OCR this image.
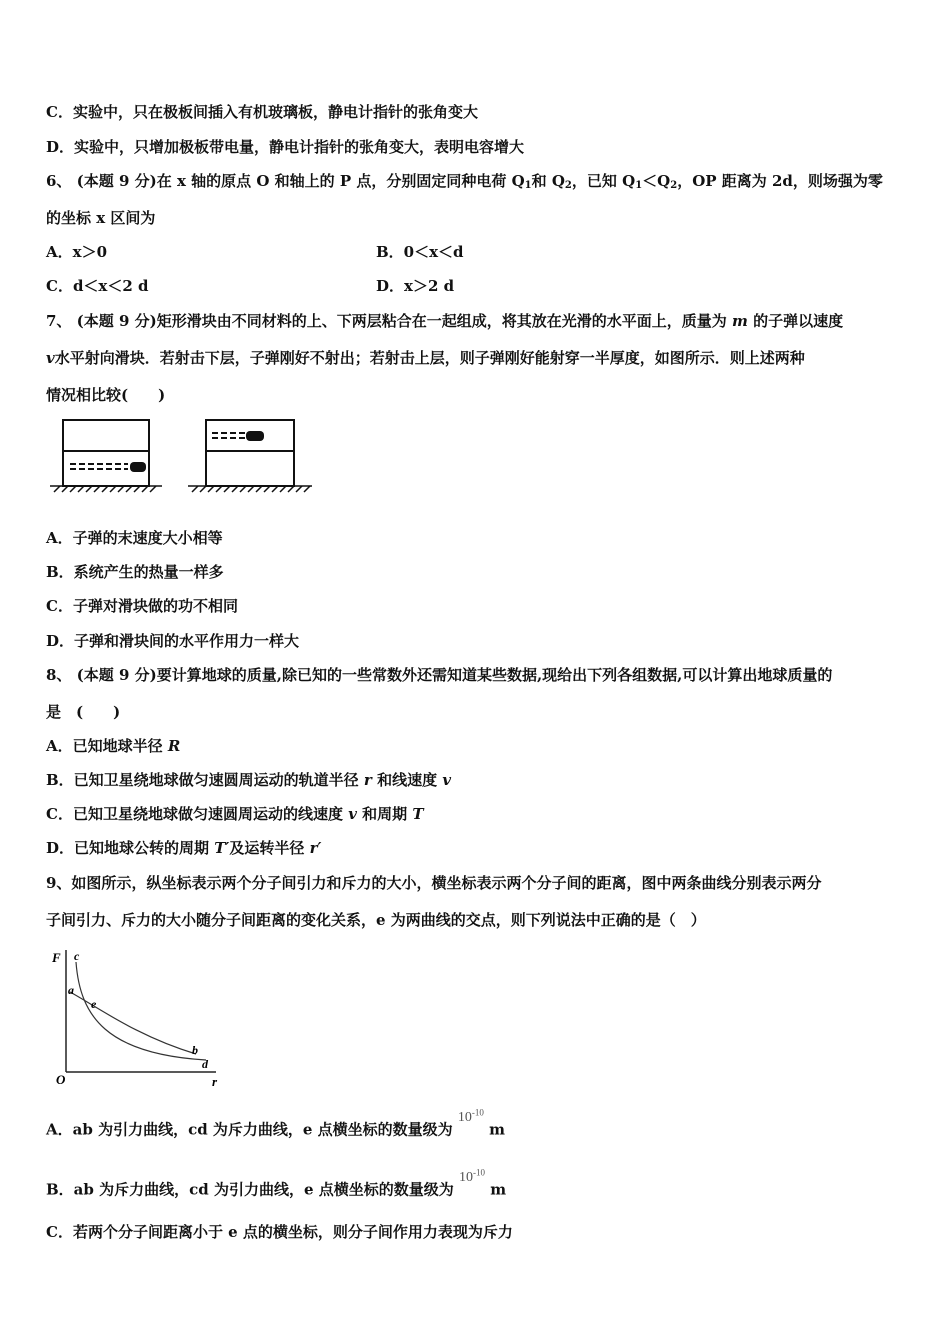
C．实验中，只在极板间插入有机玻璃板，静电计指针的张角变大
D．实验中，只增加极板带电量，静电计指针的张角变大，表明电容增大
6、 (本题 9 分)在 x 轴的原点 O 和轴上的 P 点，分别固定同种电荷 $Q_1$和 $Q_2$，已知 $Q_1<Q_2$，OP 距离为 2d，则场强为零
的坐标 x 区间为
A．x＞0	B．0＜x＜d
C．d＜x＜2 d	D．x＞2 d
7、 (本题 9 分)矩形滑块由不同材料的上、下两层粘合在一起组成，将其放在光滑的水平面上，质量为 m 的子弹以速度
v水平射向滑块．若射击下层，子弹刚好不射出；若射击上层，则子弹刚好能射穿一半厚度，如图所示．则上述两种
情况相比较(　　)
A．子弹的末速度大小相等
B．系统产生的热量一样多
C．子弹对滑块做的功不相同
D．子弹和滑块间的水平作用力一样大
8、 (本题 9 分)要计算地球的质量,除已知的一些常数外还需知道某些数据,现给出下列各组数据,可以计算出地球质量的
是　(　　)
A．已知地球半径 R
B．已知卫星绕地球做匀速圆周运动的轨道半径 r 和线速度 v
C．已知卫星绕地球做匀速圆周运动的线速度 v 和周期 T
D．已知地球公转的周期 T′及运转半径 r′
9、如图所示，纵坐标表示两个分子间引力和斥力的大小，横坐标表示两个分子间的距离，图中两条曲线分别表示两分
子间引力、斥力的大小随分子间距离的变化关系，e 为两曲线的交点，则下列说法中正确的是（　）
F
r
O
c
a
e
b
d
A．ab 为引力曲线，cd 为斥力曲线，e 点横坐标的数量级为 $10^{-10}$ m
B．ab 为斥力曲线，cd 为引力曲线，e 点横坐标的数量级为 $10^{-10}$ m
C．若两个分子间距离小于 e 点的横坐标，则分子间作用力表现为斥力
